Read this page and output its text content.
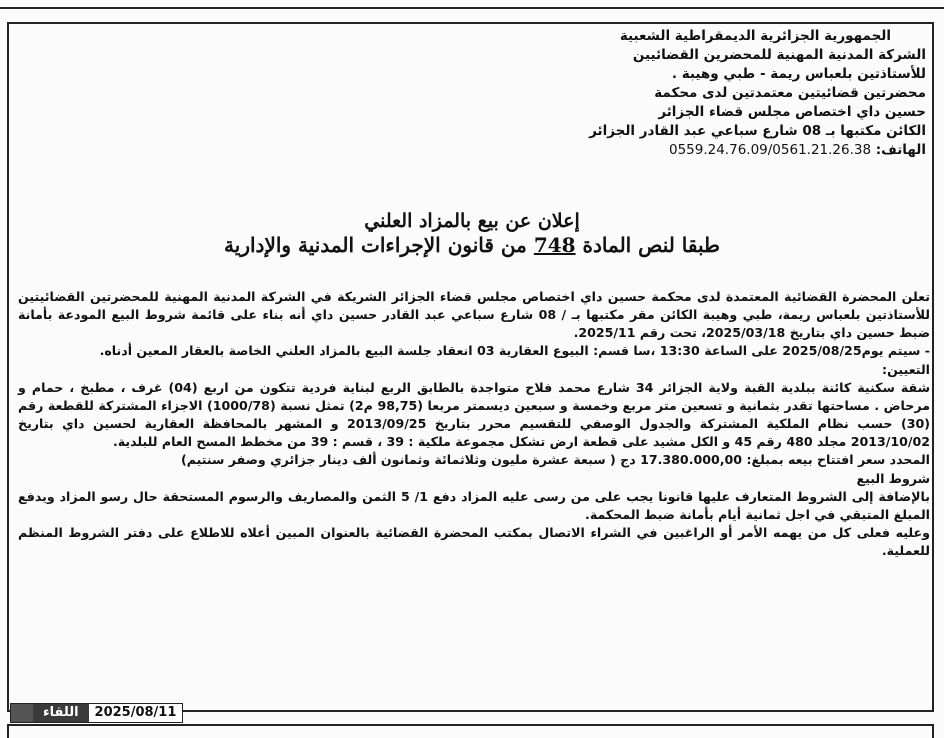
الجمهورية الجزائرية الديمقراطية الشعبية
الشركة المدنية المهنية للمحضرين القضائيين
للأستاذتين بلعباس ريمة - طبي وهيبة .
محضرتين قضائيتين معتمدتين لدى محكمة
حسين داي اختصاص مجلس قضاء الجزائر
الكائن مكتبها بـ 08 شارع سباعي عبد القادر الجزائر
الهاتف: 0559.24.76.09/0561.21.26.38
إعلان عن بيع بالمزاد العلني
طبقا لنص المادة 748 من قانون الإجراءات المدنية والإدارية

تعلن المحضرة القضائية المعتمدة لدى محكمة حسين داي اختصاص مجلس قضاء الجزائر الشريكة في الشركة المدنية المهنية للمحضرتين القضائيتين للأستاذتين بلعباس ريمة، طبي وهيبة الكائن مقر مكتبها بـ / 08 شارع سباعي عبد القادر حسين داي أنه بناء على قائمة شروط البيع المودعة بأمانة ضبط حسين داي بتاريخ 2025/03/18، تحت رقم 2025/11.

- سيتم يوم2025/08/25 على الساعة 13:30 ،سا قسم: البيوع العقارية 03 انعقاد جلسة البيع بالمزاد العلني الخاصة بالعقار المعين أدناه.

التعيين:

شقة سكنية كائنة ببلدية القبة ولاية الجزائر 34 شارع محمد فلاح متواجدة بالطابق الربع لبناية فردية تتكون من اربع (04) غرف ، مطبخ ، حمام و مرحاض . مساحتها تقدر بثمانية و تسعين متر مربع وخمسة و سبعين ديسمتر مربعا (98,75 م2) تمثل نسبة (1000/78) الاجزاء المشتركة للقطعة رقم (30) حسب نظام الملكية المشتركة والجدول الوصفي للتقسيم محرر بتاريخ 2013/09/25 و المشهر بالمحافظة العقارية لحسين داي بتاريخ 2013/10/02 مجلد 480 رقم 45 و الكل مشيد على قطعة ارض تشكل مجموعة ملكية : 39 ، قسم : 39 من مخطط المسح العام للبلدية.

المحدد سعر افتتاح بيعه بمبلغ: 17.380.000,00 دج ( سبعة عشرة مليون وثلاثمائة وثمانون ألف دينار جزائري وصفر سنتيم)

شروط البيع

بالإضافة إلى الشروط المتعارف عليها قانونا يجب على من رسى عليه المزاد دفع 1/ 5 الثمن والمصاريف والرسوم المستحقة حال رسو المزاد ويدفع المبلغ المتبقي في اجل ثمانية أيام بأمانة ضبط المحكمة.

وعليه فعلى كل من يهمه الأمر أو الراغبين في الشراء الاتصال بمكتب المحضرة القضائية بالعنوان المبين أعلاه للاطلاع على دفتر الشروط المنظم للعملية.

اللقاء	2025/08/11
